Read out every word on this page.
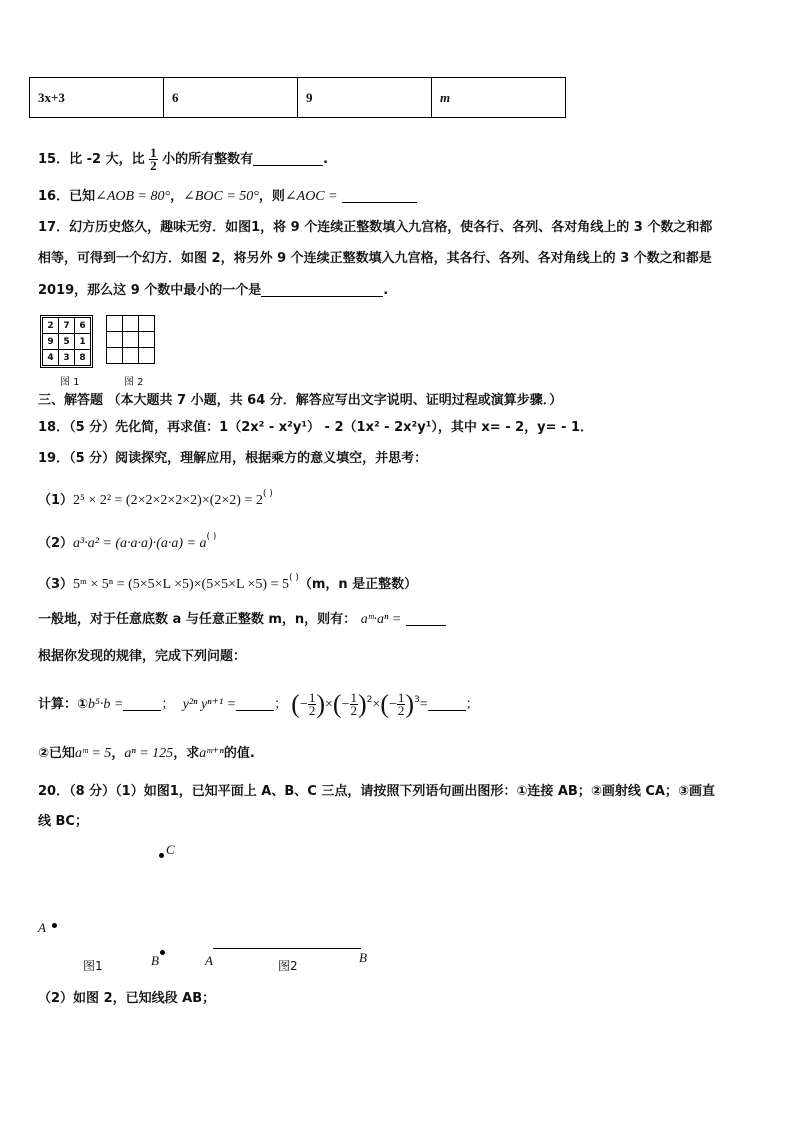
3x+3	6	9	m
15．比 -2 大，比 $\frac{1}{2}$ 小的所有整数有	.
16．已知∠AOB = 80°，∠BOC = 50°，则∠AOC =
17．幻方历史悠久，趣味无穷．如图1，将 9 个连续正整数填入九宫格，使各行、各列、各对角线上的 3 个数之和都
相等，可得到一个幻方．如图 2，将另外 9 个连续正整数填入九宫格，其各行、各列、各对角线上的 3 个数之和都是
2019，那么这 9 个数中最小的一个是	.
2	7	6
9	5	1
4	3	8
图 1

			图 2
三、解答题 （本大题共 7 小题，共 64 分．解答应写出文字说明、证明过程或演算步骤．）
18．（5 分）先化简，再求值：1（2x² - x²y¹） - 2（1x² - 2x²y¹），其中 x= - 2，y= - 1．
19．（5 分）阅读探究，理解应用，根据乘方的意义填空，并思考：
（1）2⁵ × 2² = (2×2×2×2×2)×(2×2) = 2( )
（2）a³·a² = (a·a·a)·(a·a) = a( )
（3）5ᵐ × 5ⁿ = (5×5×L ×5)×(5×5×L ×5) = 5( )（m，n 是正整数）
一般地，对于任意底数 a 与任意正整数 m，n，则有： aᵐ·aⁿ =
根据你发现的规律，完成下列问题：
计算：①b⁵·b =	； y²ⁿ yⁿ⁺¹ =	； (− $\frac{1}{2}$ )×(− $\frac{1}{2} )^2\times(- \frac{1}{2} )^3=$	；
②已知aᵐ = 5，aⁿ = 125，求aᵐ⁺ⁿ的值.
20．（8 分）（1）如图1，已知平面上 A、B、C 三点，请按照下列语句画出图形：①连接 AB；②画射线 CA；③画直
线 BC；
C
A
B
图1	A	B
图2
（2）如图 2，已知线段 AB；
